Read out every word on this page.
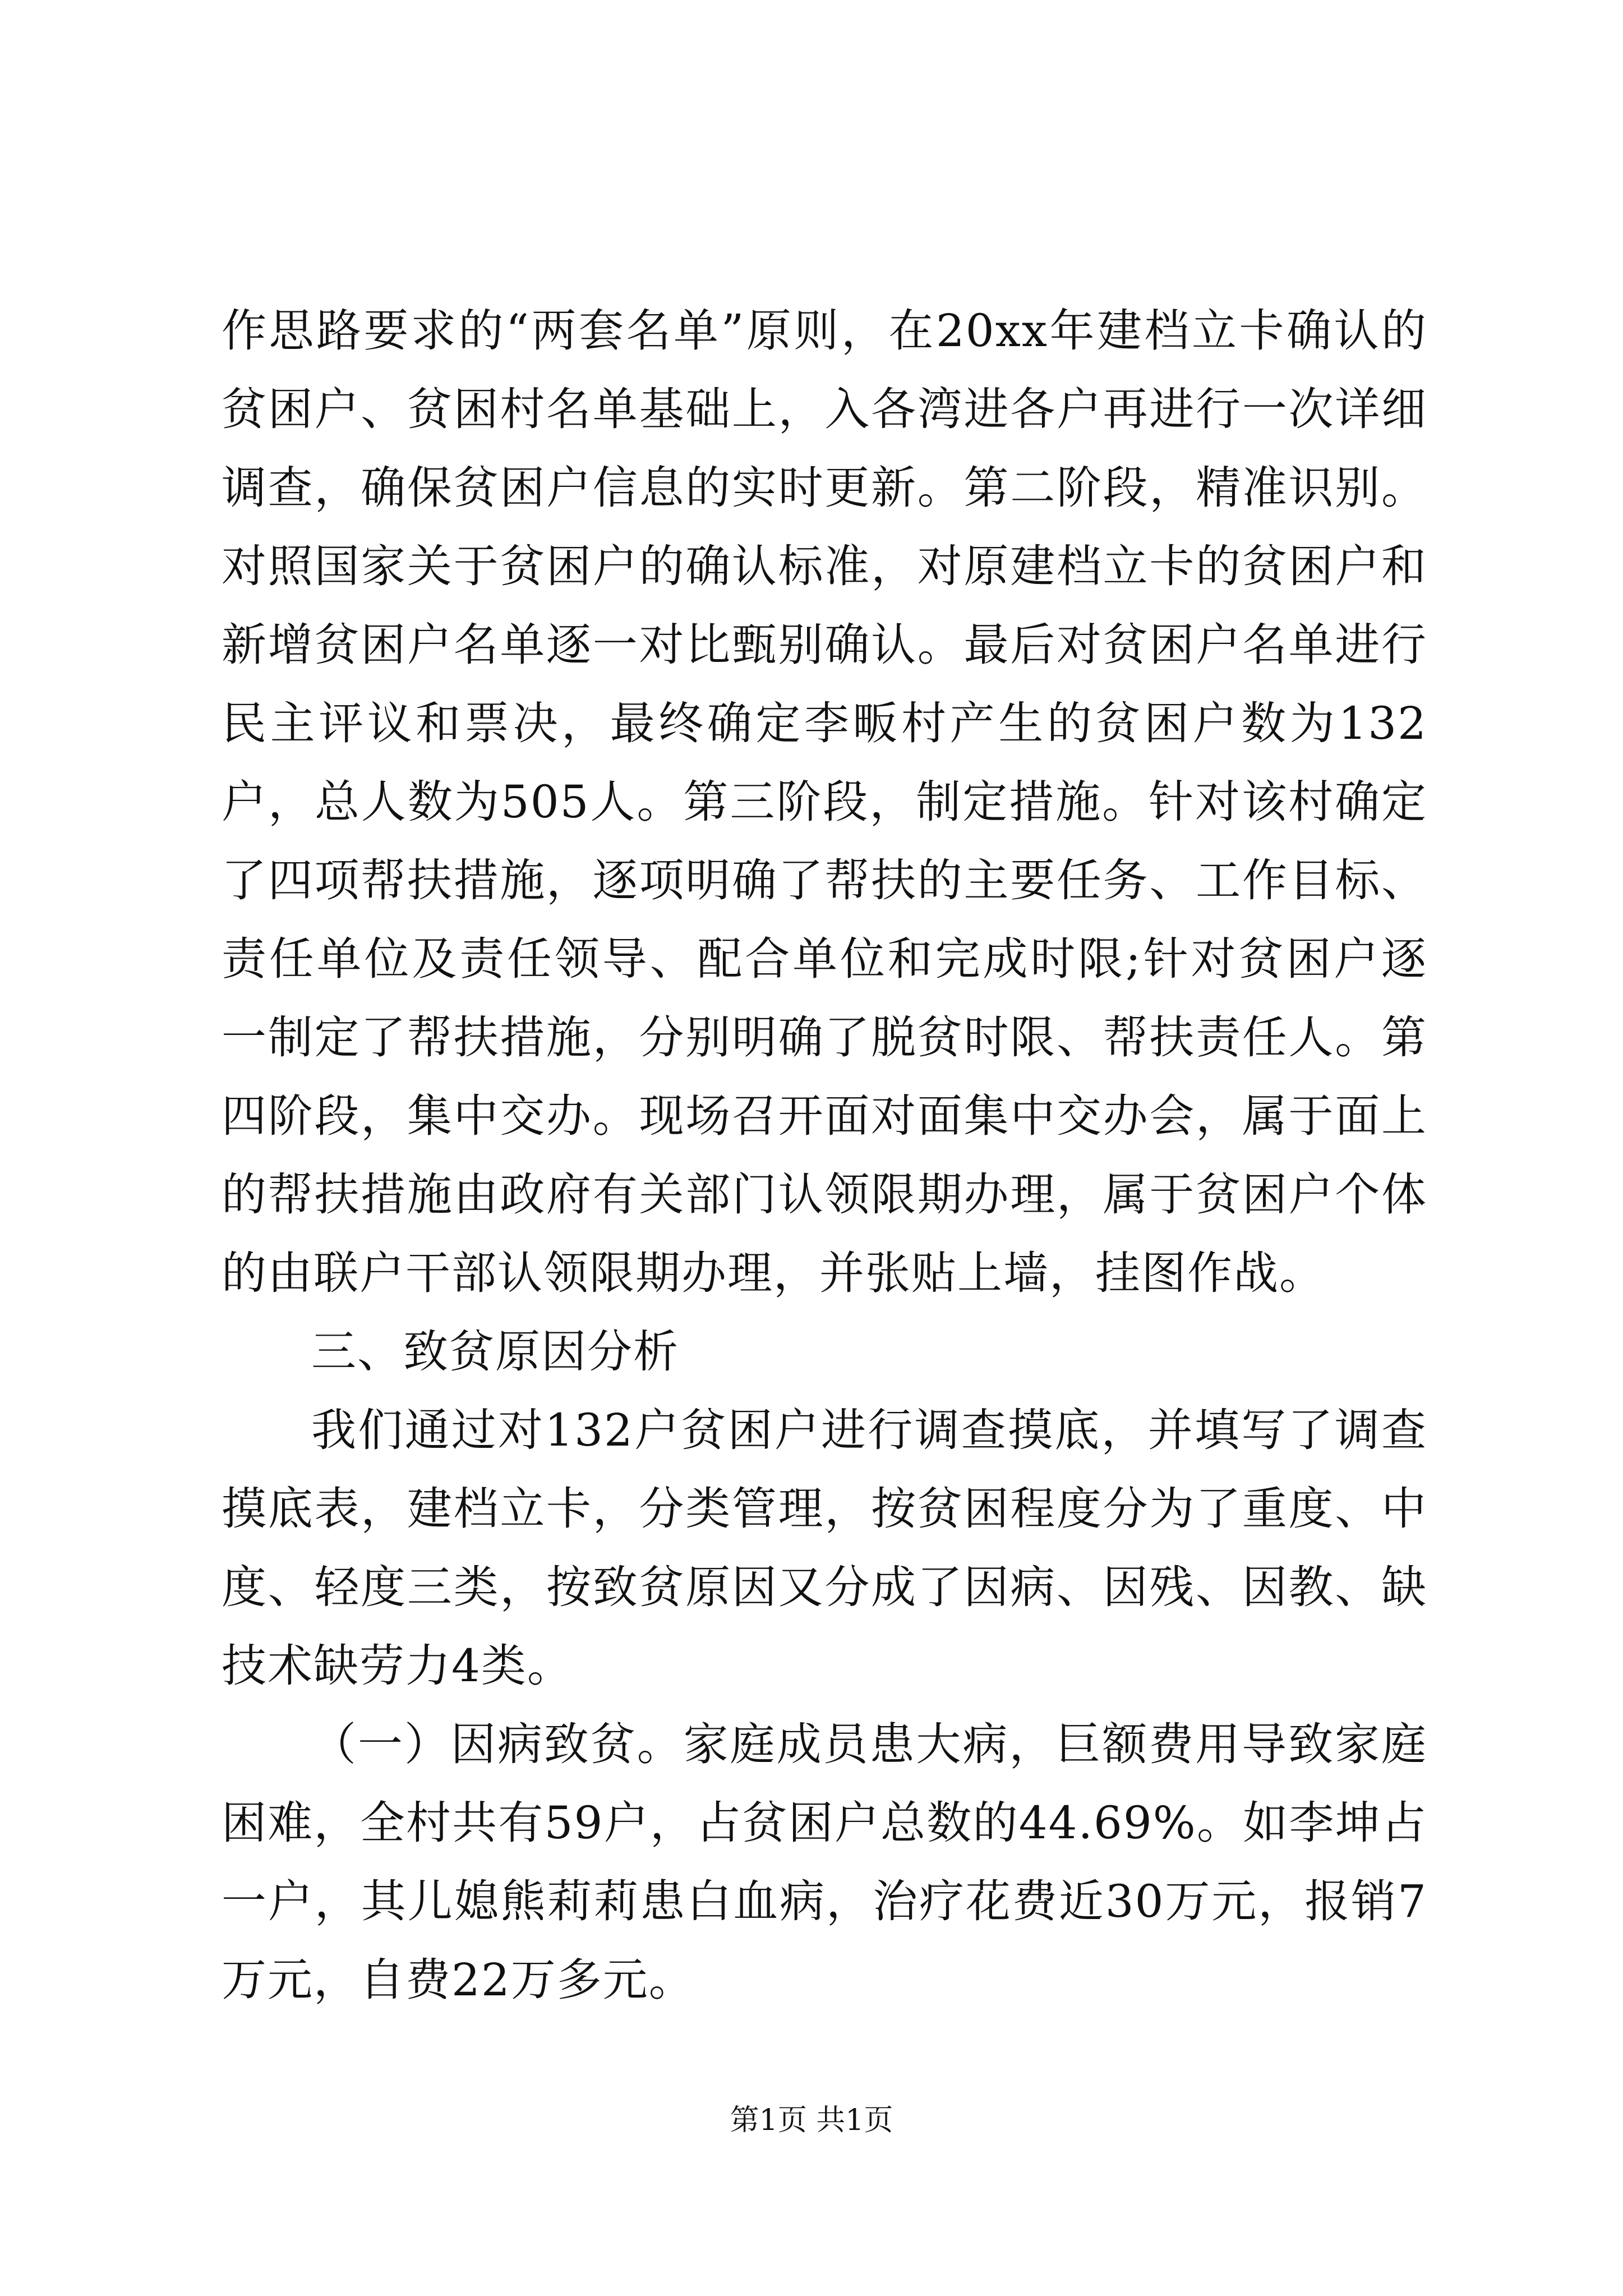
作思路要求的“两套名单”原则，在20xx年建档立卡确认的贫困户、贫困村名单基础上，入各湾进各户再进行一次详细调查，确保贫困户信息的实时更新。第二阶段，精准识别。对照国家关于贫困户的确认标准，对原建档立卡的贫困户和新增贫困户名单逐一对比甄别确认。最后对贫困户名单进行民主评议和票决，最终确定李畈村产生的贫困户数为132户，总人数为505人。第三阶段，制定措施。针对该村确定了四项帮扶措施，逐项明确了帮扶的主要任务、工作目标、责任单位及责任领导、配合单位和完成时限;针对贫困户逐一制定了帮扶措施，分别明确了脱贫时限、帮扶责任人。第四阶段，集中交办。现场召开面对面集中交办会，属于面上的帮扶措施由政府有关部门认领限期办理，属于贫困户个体的由联户干部认领限期办理，并张贴上墙，挂图作战。

三、致贫原因分析

我们通过对132户贫困户进行调查摸底，并填写了调查摸底表，建档立卡，分类管理，按贫困程度分为了重度、中度、轻度三类，按致贫原因又分成了因病、因残、因教、缺技术缺劳力4类。

（一）因病致贫。家庭成员患大病，巨额费用导致家庭困难，全村共有59户，占贫困户总数的44.69%。如李坤占一户，其儿媳熊莉莉患白血病，治疗花费近30万元，报销7万元，自费22万多元。

第1页 共1页
